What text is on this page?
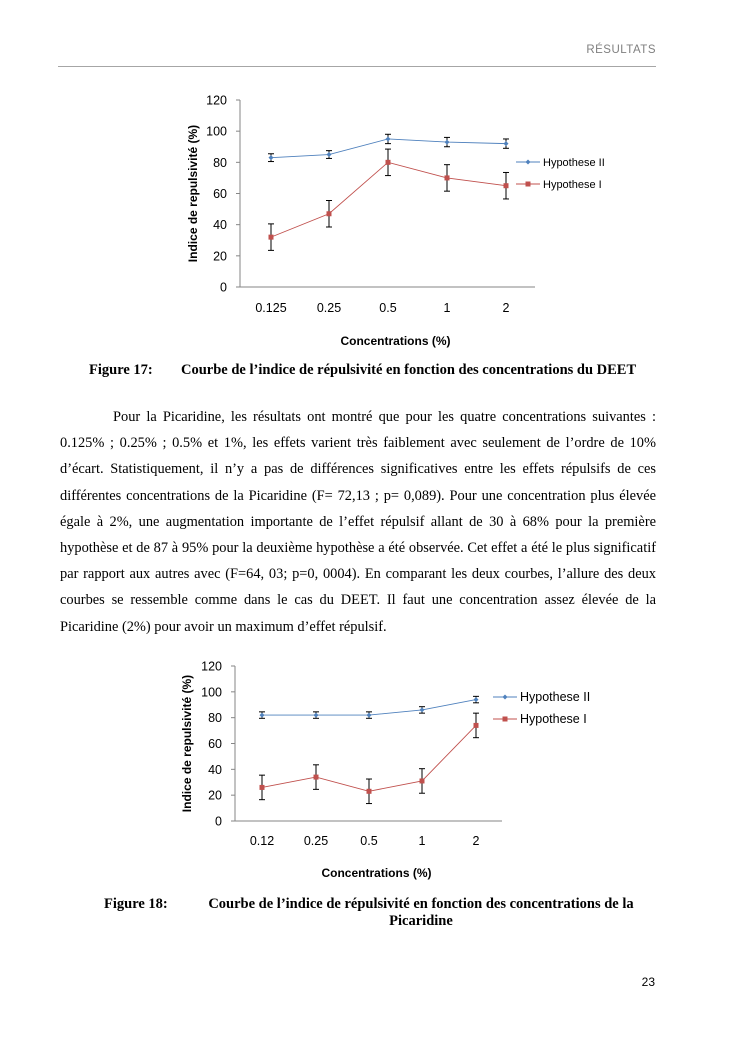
RÉSULTATS
0
20
40
60
80
100
120
0.125 0.25	0.5	1	2
Concentrations (%)
Indice de repulsivité (%)	Hypothese II
Hypothese I
Figure 17: Courbe de l’indice de répulsivité en fonction des concentrations du DEET

Pour la Picaridine, les résultats ont montré que pour les quatre concentrations suivantes : 0.125% ; 0.25% ; 0.5% et 1%, les effets varient très faiblement avec seulement de l’ordre de 10% d’écart. Statistiquement, il n’y a pas de différences significatives entre les effets répulsifs de ces différentes concentrations de la Picaridine (F= 72,13 ; p= 0,089). Pour une concentration plus élevée égale à 2%, une augmentation importante de l’effet répulsif allant de 30 à 68% pour la première hypothèse et de 87 à 95% pour la deuxième hypothèse a été observée. Cet effet a été le plus significatif par rapport aux autres avec (F=64, 03; p=0, 0004). En comparant les deux courbes, l’allure des deux courbes se ressemble comme dans le cas du DEET. Il faut une concentration assez élevée de la Picaridine (2%) pour avoir un maximum d’effet répulsif.

0
20
40
60
80
100
120
0.12 0.25	0.5	1	2
Concentrations (%)
Indice de repulsivité (%)	Hypothese II
Hypothese I
Figure 18:	Courbe de l’indice de répulsivité en fonction des concentrations de la Picaridine
23
